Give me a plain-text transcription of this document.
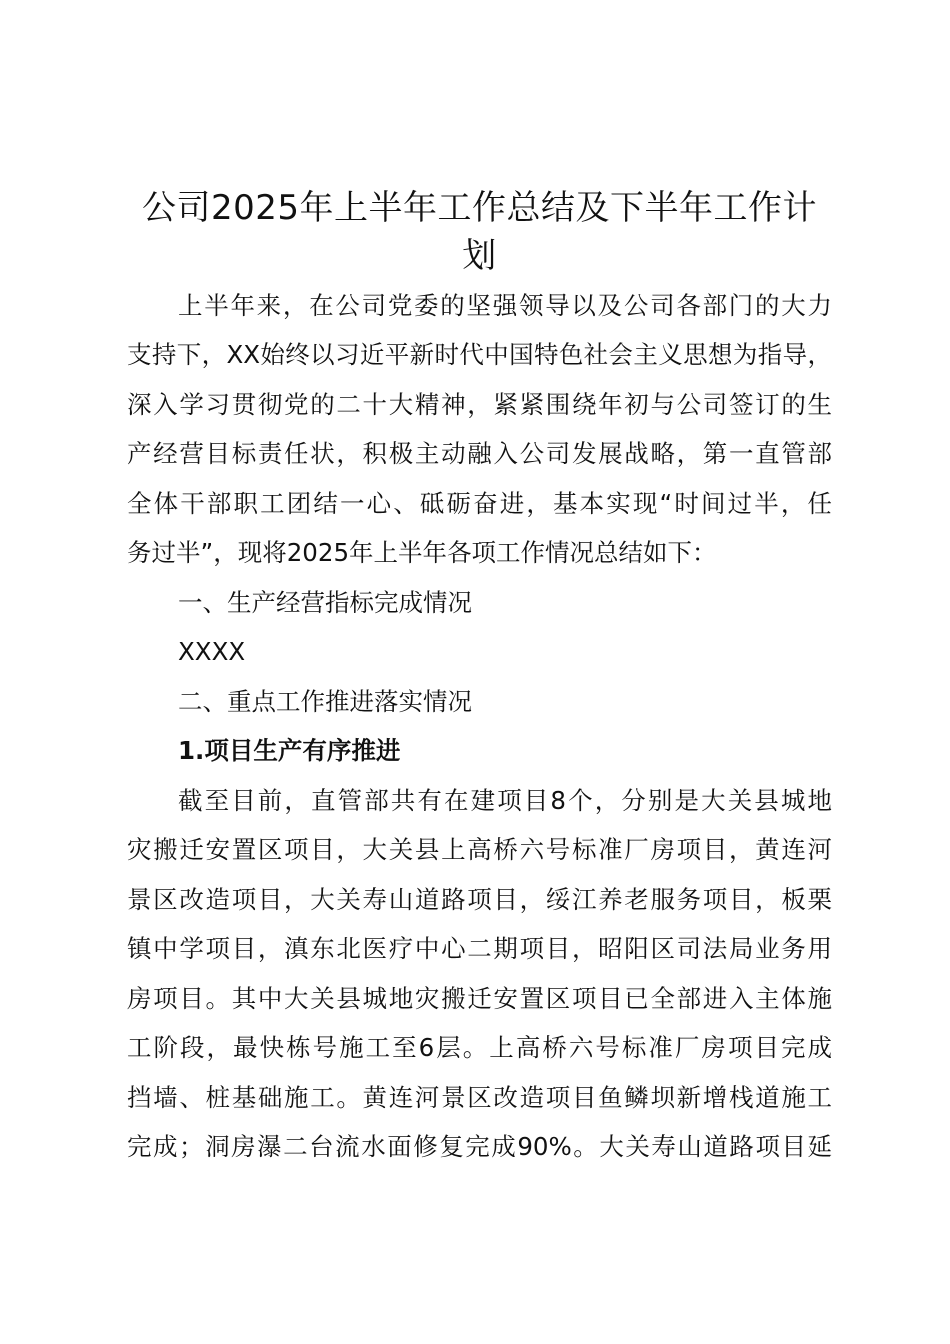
公司2025年上半年工作总结及下半年工作计
划
上半年来，在公司党委的坚强领导以及公司各部门的大力
支持下，XX始终以习近平新时代中国特色社会主义思想为指导，
深入学习贯彻党的二十大精神，紧紧围绕年初与公司签订的生
产经营目标责任状，积极主动融入公司发展战略，第一直管部
全体干部职工团结一心、砥砺奋进，基本实现“时间过半，任
务过半”，现将2025年上半年各项工作情况总结如下：
一、生产经营指标完成情况
XXXX
二、重点工作推进落实情况
1.项目生产有序推进
截至目前，直管部共有在建项目8个，分别是大关县城地
灾搬迁安置区项目，大关县上高桥六号标准厂房项目，黄连河
景区改造项目，大关寿山道路项目，绥江养老服务项目，板栗
镇中学项目，滇东北医疗中心二期项目，昭阳区司法局业务用
房项目。其中大关县城地灾搬迁安置区项目已全部进入主体施
工阶段，最快栋号施工至6层。上高桥六号标准厂房项目完成
挡墙、桩基础施工。黄连河景区改造项目鱼鳞坝新增栈道施工
完成；洞房瀑二台流水面修复完成90%。大关寿山道路项目延
